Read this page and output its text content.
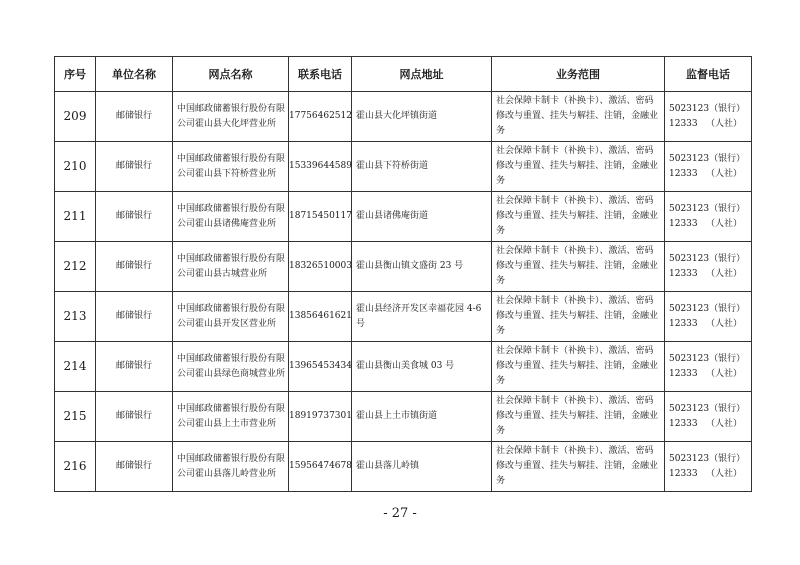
序号	单位名称	网点名称	联系电话	网点地址	业务范围	监督电话
209	邮储银行	中国邮政储蓄银行股份有限公司霍山县大化坪营业所	17756462512	霍山县大化坪镇街道	社会保障卡制卡（补换卡）、激活、密码修改与重置、挂失与解挂、注销，金融业务	5023123（银行）
12333 （人社）

210	邮储银行	中国邮政储蓄银行股份有限公司霍山县下符桥营业所	15339644589	霍山县下符桥街道	社会保障卡制卡（补换卡）、激活、密码修改与重置、挂失与解挂、注销，金融业务	5023123（银行）
12333 （人社）

211	邮储银行	中国邮政储蓄银行股份有限公司霍山县诸佛庵营业所	18715450117	霍山县诸佛庵街道	社会保障卡制卡（补换卡）、激活、密码修改与重置、挂失与解挂、注销，金融业务	5023123（银行）
12333 （人社）

212	邮储银行	中国邮政储蓄银行股份有限公司霍山县古城营业所	18326510003	霍山县衡山镇文盛街 23 号	社会保障卡制卡（补换卡）、激活、密码修改与重置、挂失与解挂、注销，金融业务	5023123（银行）
12333 （人社）

213	邮储银行	中国邮政储蓄银行股份有限公司霍山县开发区营业所	13856461621	霍山县经济开发区幸福花园 4-6 号	社会保障卡制卡（补换卡）、激活、密码修改与重置、挂失与解挂、注销，金融业务	5023123（银行）
12333 （人社）

214	邮储银行	中国邮政储蓄银行股份有限公司霍山县绿色商城营业所	13965453434	霍山县衡山美食城 03 号	社会保障卡制卡（补换卡）、激活、密码修改与重置、挂失与解挂、注销，金融业务	5023123（银行）
12333 （人社）

215	邮储银行	中国邮政储蓄银行股份有限公司霍山县上土市营业所	18919737301	霍山县上土市镇街道	社会保障卡制卡（补换卡）、激活、密码修改与重置、挂失与解挂、注销，金融业务	5023123（银行）
12333 （人社）

216	邮储银行	中国邮政储蓄银行股份有限公司霍山县落儿岭营业所	15956474678	霍山县落儿岭镇	社会保障卡制卡（补换卡）、激活、密码修改与重置、挂失与解挂、注销，金融业务	5023123（银行）
12333 （人社）
- 27 -
